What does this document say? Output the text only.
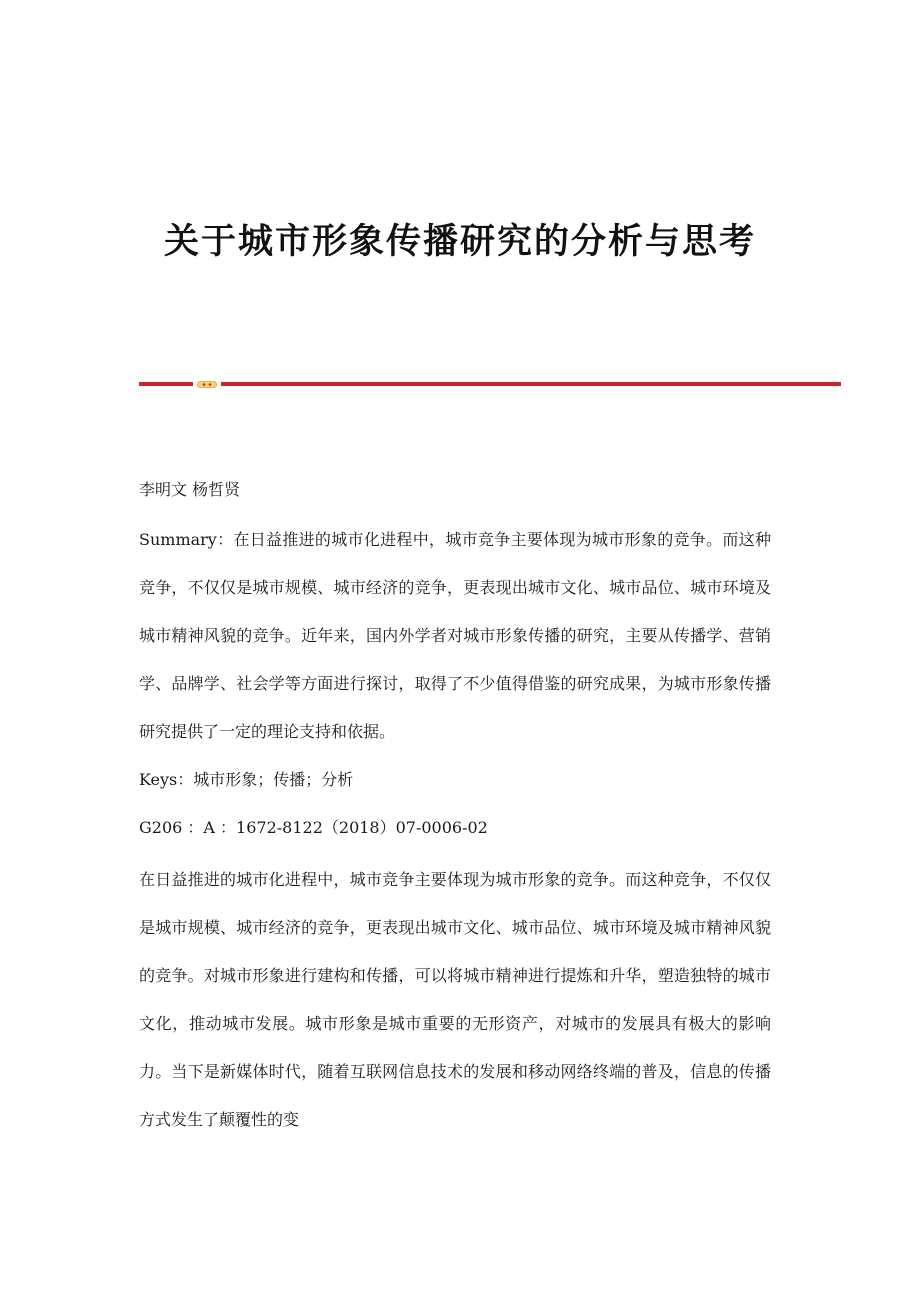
关于城市形象传播研究的分析与思考

李明文 杨哲贤

Summary：在日益推进的城市化进程中，城市竞争主要体现为城市形象的竞争。而这种竞争，不仅仅是城市规模、城市经济的竞争，更表现出城市文化、城市品位、城市环境及城市精神风貌的竞争。近年来，国内外学者对城市形象传播的研究，主要从传播学、营销学、品牌学、社会学等方面进行探讨，取得了不少值得借鉴的研究成果，为城市形象传播研究提供了一定的理论支持和依据。

Keys：城市形象；传播；分析

G206 ：A ：1672-8122（2018）07-0006-02

在日益推进的城市化进程中，城市竞争主要体现为城市形象的竞争。而这种竞争，不仅仅是城市规模、城市经济的竞争，更表现出城市文化、城市品位、城市环境及城市精神风貌的竞争。对城市形象进行建构和传播，可以将城市精神进行提炼和升华，塑造独特的城市文化，推动城市发展。城市形象是城市重要的无形资产，对城市的发展具有极大的影响力。当下是新媒体时代，随着互联网信息技术的发展和移动网络终端的普及，信息的传播方式发生了颠覆性的变
